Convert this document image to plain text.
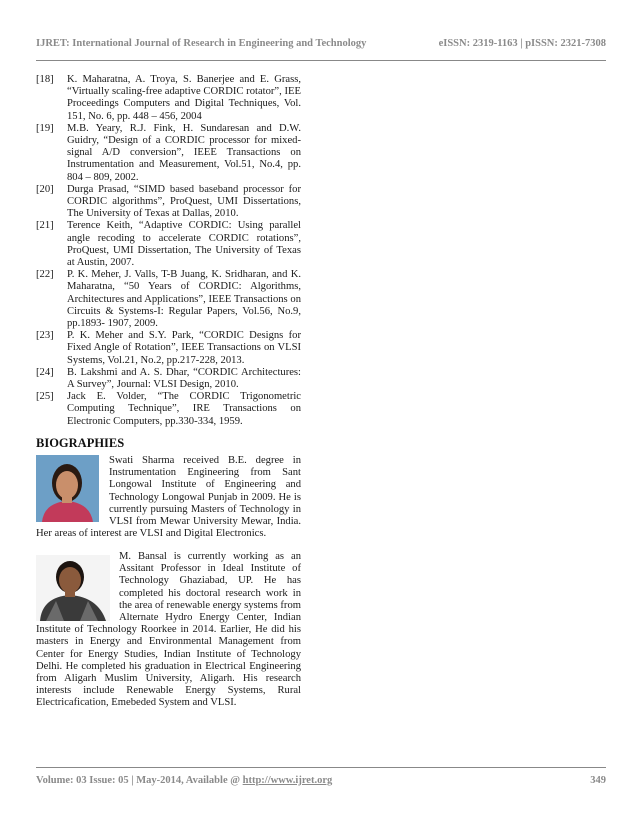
IJRET: International Journal of Research in Engineering and Technology	eISSN: 2319-1163 | pISSN: 2321-7308
[18]	K. Maharatna, A. Troya, S. Banerjee and E. Grass, “Virtually scaling-free adaptive CORDIC rotator”, IEE Proceedings Computers and Digital Techniques, Vol. 151, No. 6, pp. 448 – 456, 2004
[19]	M.B. Yeary, R.J. Fink, H. Sundaresan and D.W. Guidry, “Design of a CORDIC processor for mixed-signal A/D conversion”, IEEE Transactions on Instrumentation and Measurement, Vol.51, No.4, pp. 804 – 809, 2002.
[20]	Durga Prasad, “SIMD based baseband processor for CORDIC algorithms”, ProQuest, UMI Dissertations, The University of Texas at Dallas, 2010.
[21]	Terence Keith, “Adaptive CORDIC: Using parallel angle recoding to accelerate CORDIC rotations”, ProQuest, UMI Dissertation, The University of Texas at Austin, 2007.
[22]	P. K. Meher, J. Valls, T-B Juang, K. Sridharan, and K. Maharatna, “50 Years of CORDIC: Algorithms, Architectures and Applications”, IEEE Transactions on Circuits & Systems-I: Regular Papers, Vol.56, No.9, pp.1893- 1907, 2009.
[23]	P. K. Meher and S.Y. Park, “CORDIC Designs for Fixed Angle of Rotation”, IEEE Transactions on VLSI Systems, Vol.21, No.2, pp.217-228, 2013.
[24]	B. Lakshmi and A. S. Dhar, “CORDIC Architectures: A Survey”, Journal: VLSI Design, 2010.
[25]	Jack E. Volder, “The CORDIC Trigonometric Computing Technique”, IRE Transactions on Electronic Computers, pp.330-334, 1959.
BIOGRAPHIES
Swati Sharma received B.E. degree in Instrumentation Engineering from Sant Longowal Institute of Engineering and Technology Longowal Punjab in 2009. He is currently pursuing Masters of Technology in VLSI from Mewar University Mewar, India. Her areas of interest are VLSI and Digital Electronics.
M. Bansal is currently working as an Assitant Professor in Ideal Institute of Technology Ghaziabad, UP. He has completed his doctoral research work in the area of renewable energy systems from Alternate Hydro Energy Center, Indian Institute of Technology Roorkee in 2014. Earlier, He did his masters in Energy and Environmental Management from Center for Energy Studies, Indian Institute of Technology Delhi. He completed his graduation in Electrical Engineering from Aligarh Muslim University, Aligarh. His research interests include Renewable Energy Systems, Rural Electricafication, Emebeded System and VLSI.
Volume: 03 Issue: 05 | May-2014, Available @ http://www.ijret.org	349
